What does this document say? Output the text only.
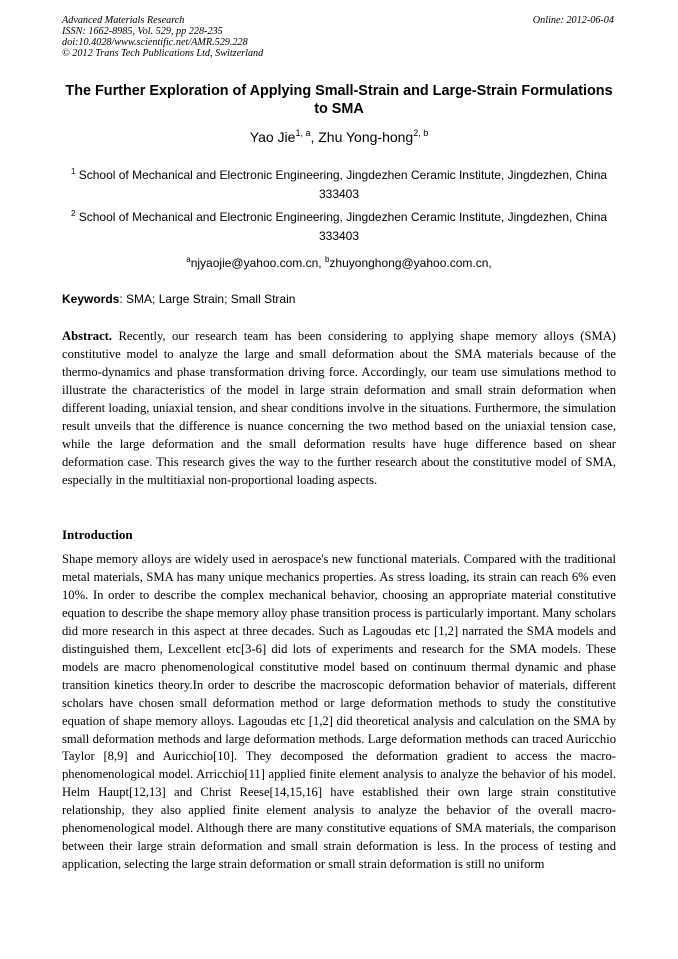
Advanced Materials Research
ISSN: 1662-8985, Vol. 529, pp 228-235
doi:10.4028/www.scientific.net/AMR.529.228
© 2012 Trans Tech Publications Ltd, Switzerland
Online: 2012-06-04
The Further Exploration of Applying Small-Strain and Large-Strain Formulations to SMA
Yao Jie$^{1, a}$, Zhu Yong-hong$^{2, b}$
$^1$ School of Mechanical and Electronic Engineering, Jingdezhen Ceramic Institute, Jingdezhen, China 333403
$^2$ School of Mechanical and Electronic Engineering, Jingdezhen Ceramic Institute, Jingdezhen, China 333403
$^a$njyaojie@yahoo.com.cn, $^b$zhuyonghong@yahoo.com.cn,
Keywords: SMA; Large Strain; Small Strain
Abstract. Recently, our research team has been considering to applying shape memory alloys (SMA) constitutive model to analyze the large and small deformation about the SMA materials because of the thermo-dynamics and phase transformation driving force. Accordingly, our team use simulations method to illustrate the characteristics of the model in large strain deformation and small strain deformation when different loading, uniaxial tension, and shear conditions involve in the situations. Furthermore, the simulation result unveils that the difference is nuance concerning the two method based on the uniaxial tension case, while the large deformation and the small deformation results have huge difference based on shear deformation case. This research gives the way to the further research about the constitutive model of SMA, especially in the multitiaxial non-proportional loading aspects.
Introduction
Shape memory alloys are widely used in aerospace's new functional materials. Compared with the traditional metal materials, SMA has many unique mechanics properties. As stress loading, its strain can reach 6% even 10%. In order to describe the complex mechanical behavior, choosing an appropriate material constitutive equation to describe the shape memory alloy phase transition process is particularly important. Many scholars did more research in this aspect at three decades. Such as Lagoudas etc [1,2] narrated the SMA models and distinguished them, Lexcellent etc[3-6] did lots of experiments and research for the SMA models. These models are macro phenomenological constitutive model based on continuum thermal dynamic and phase transition kinetics theory.In order to describe the macroscopic deformation behavior of materials, different scholars have chosen small deformation method or large deformation methods to study the constitutive equation of shape memory alloys. Lagoudas etc [1,2] did theoretical analysis and calculation on the SMA by small deformation methods and large deformation methods. Large deformation methods can traced Auricchio Taylor [8,9] and Auricchio[10]. They decomposed the deformation gradient to access the macro-phenomenological model. Arricchio[11] applied finite element analysis to analyze the behavior of his model. Helm Haupt[12,13] and Christ Reese[14,15,16] have established their own large strain constitutive relationship, they also applied finite element analysis to analyze the behavior of the overall macro-phenomenological model. Although there are many constitutive equations of SMA materials, the comparison between their large strain deformation and small strain deformation is less. In the process of testing and application, selecting the large strain deformation or small strain deformation is still no uniform
